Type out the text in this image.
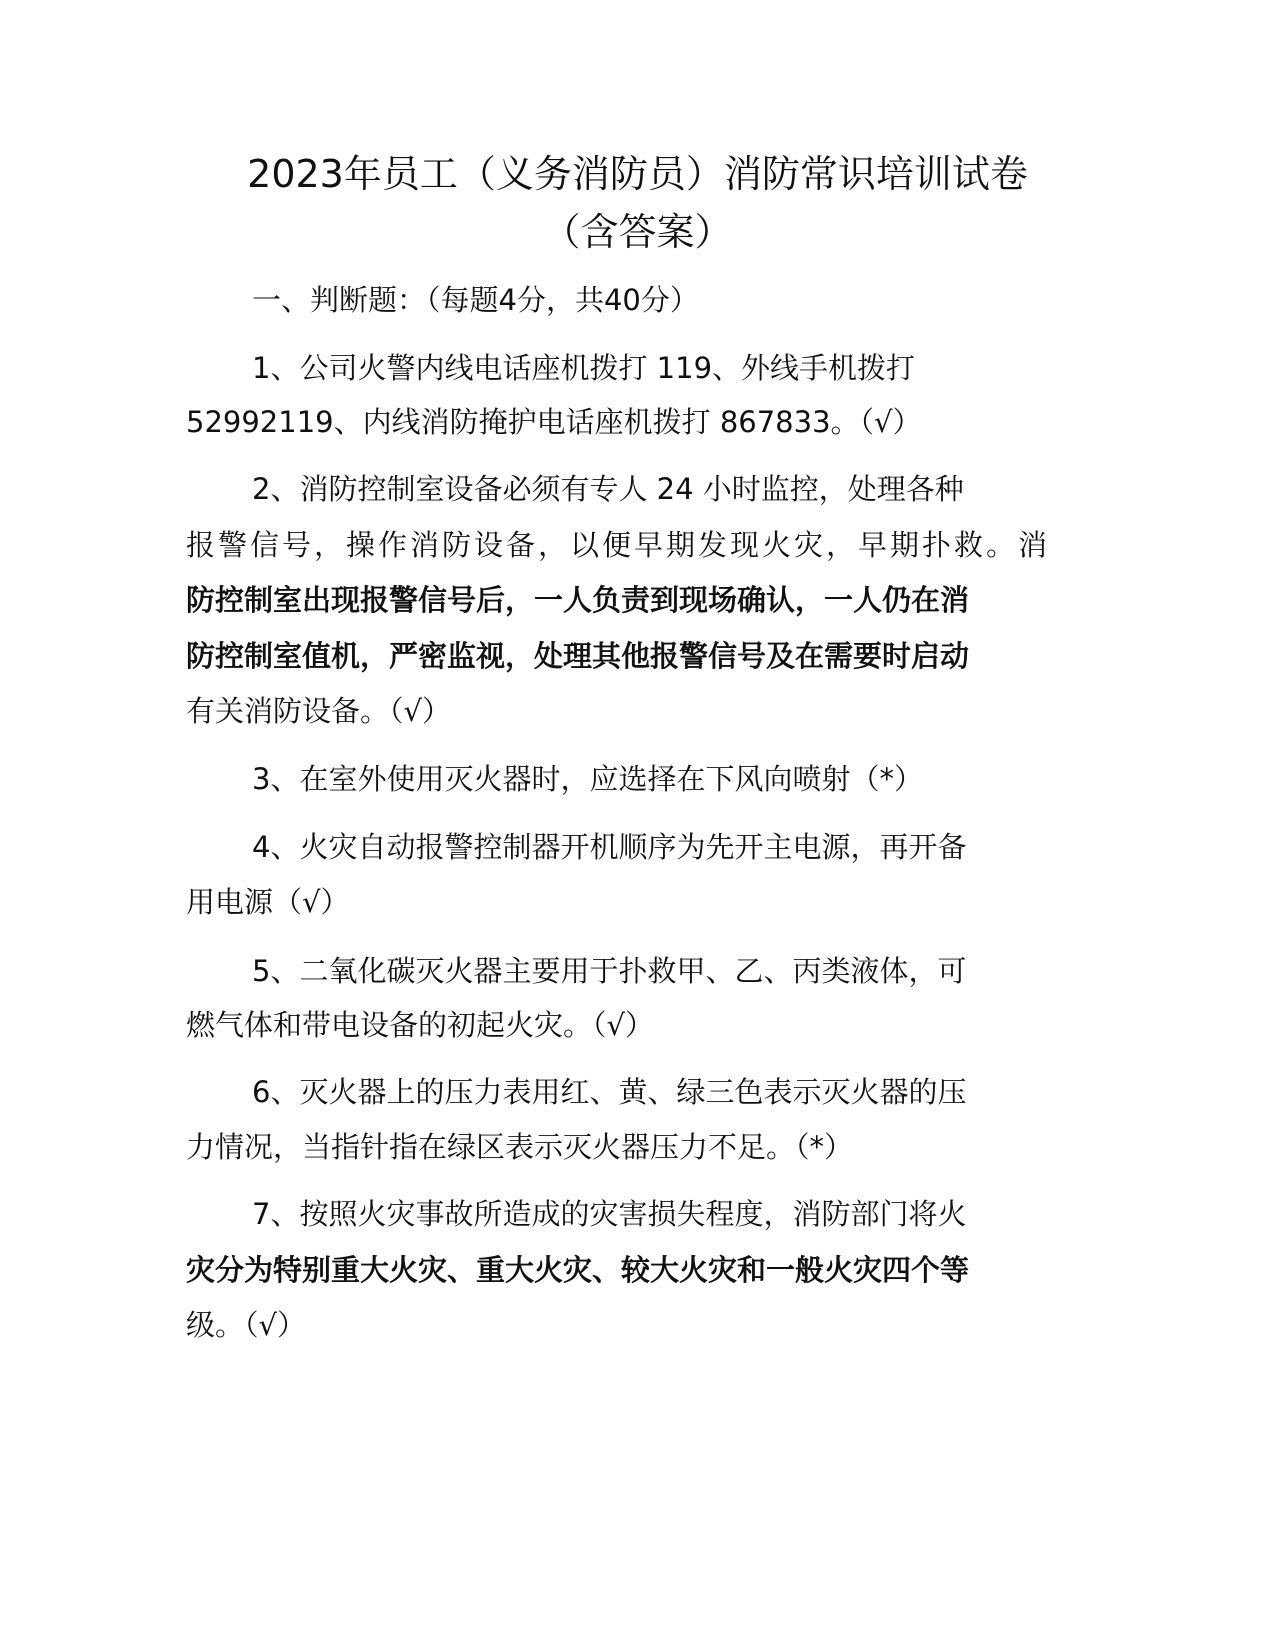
2023年员工（义务消防员）消防常识培训试卷
（含答案）
一、判断题：（每题4分，共40分）
1、公司火警内线电话座机拨打 119、外线手机拨打
52992119、内线消防掩护电话座机拨打 867833。（√）
2、消防控制室设备必须有专人 24 小时监控，处理各种
报警信号，操作消防设备，以便早期发现火灾，早期扑救。消
防控制室出现报警信号后，一人负责到现场确认，一人仍在消
防控制室值机，严密监视，处理其他报警信号及在需要时启动
有关消防设备。（√）
3、在室外使用灭火器时，应选择在下风向喷射（*）
4、火灾自动报警控制器开机顺序为先开主电源，再开备
用电源（√）
5、二氧化碳灭火器主要用于扑救甲、乙、丙类液体，可
燃气体和带电设备的初起火灾。（√）
6、灭火器上的压力表用红、黄、绿三色表示灭火器的压
力情况，当指针指在绿区表示灭火器压力不足。（*）
7、按照火灾事故所造成的灾害损失程度，消防部门将火
灾分为特别重大火灾、重大火灾、较大火灾和一般火灾四个等
级。（√）
